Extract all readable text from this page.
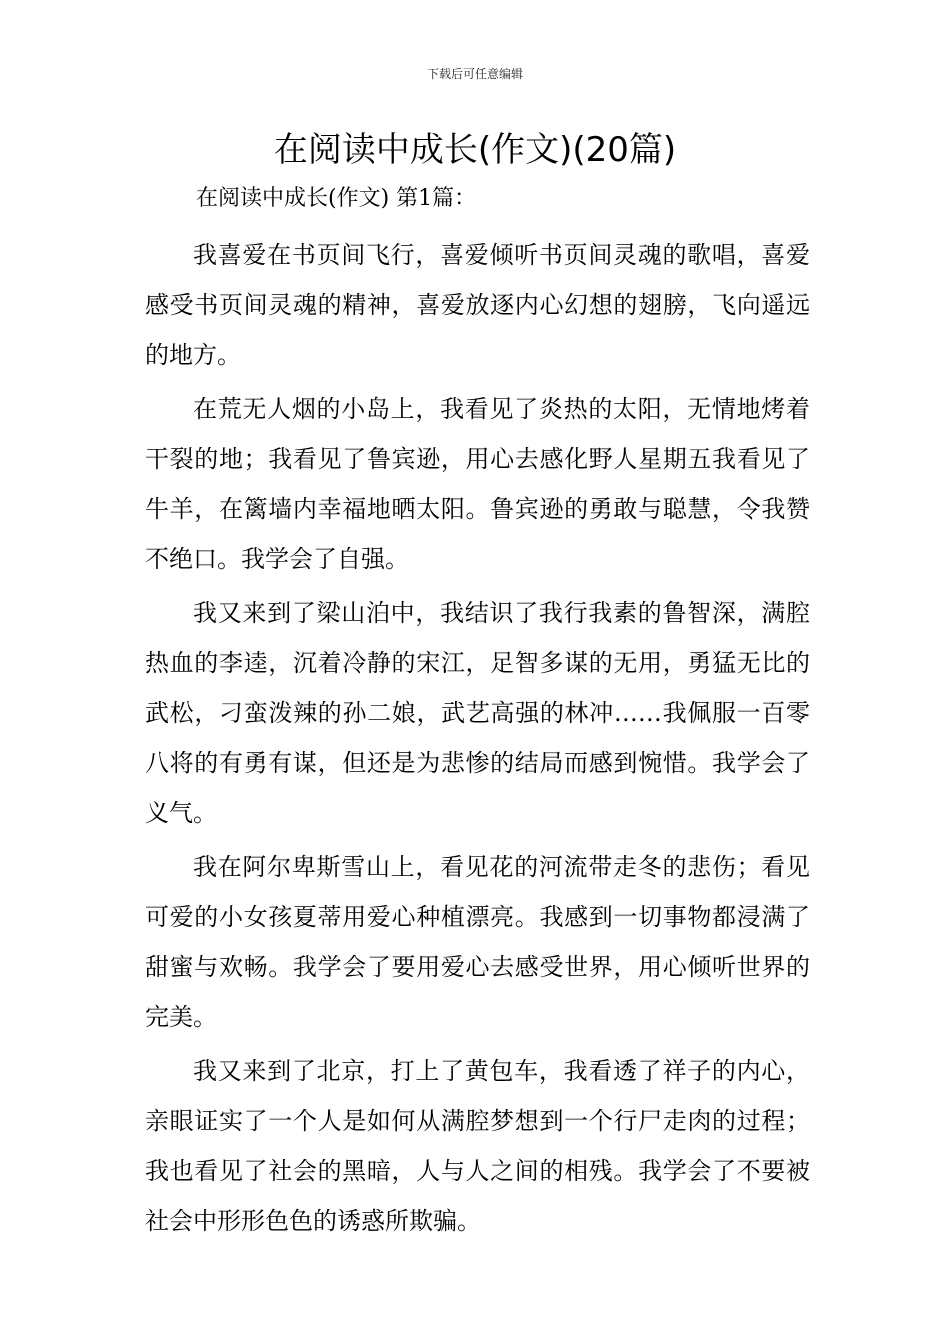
下载后可任意编辑
在阅读中成长(作文)(20篇)
在阅读中成长(作文) 第1篇：

我喜爱在书页间飞行，喜爱倾听书页间灵魂的歌唱，喜爱感受书页间灵魂的精神，喜爱放逐内心幻想的翅膀，飞向遥远的地方。

在荒无人烟的小岛上，我看见了炎热的太阳，无情地烤着干裂的地；我看见了鲁宾逊，用心去感化野人星期五我看见了牛羊，在篱墙内幸福地晒太阳。鲁宾逊的勇敢与聪慧，令我赞不绝口。我学会了自强。

我又来到了梁山泊中，我结识了我行我素的鲁智深，满腔热血的李逵，沉着冷静的宋江，足智多谋的无用，勇猛无比的武松，刁蛮泼辣的孙二娘，武艺高强的林冲……我佩服一百零八将的有勇有谋，但还是为悲惨的结局而感到惋惜。我学会了义气。

我在阿尔卑斯雪山上，看见花的河流带走冬的悲伤；看见可爱的小女孩夏蒂用爱心种植漂亮。我感到一切事物都浸满了甜蜜与欢畅。我学会了要用爱心去感受世界，用心倾听世界的完美。

我又来到了北京，打上了黄包车，我看透了祥子的内心，亲眼证实了一个人是如何从满腔梦想到一个行尸走肉的过程；我也看见了社会的黑暗，人与人之间的相残。我学会了不要被社会中形形色色的诱惑所欺骗。
